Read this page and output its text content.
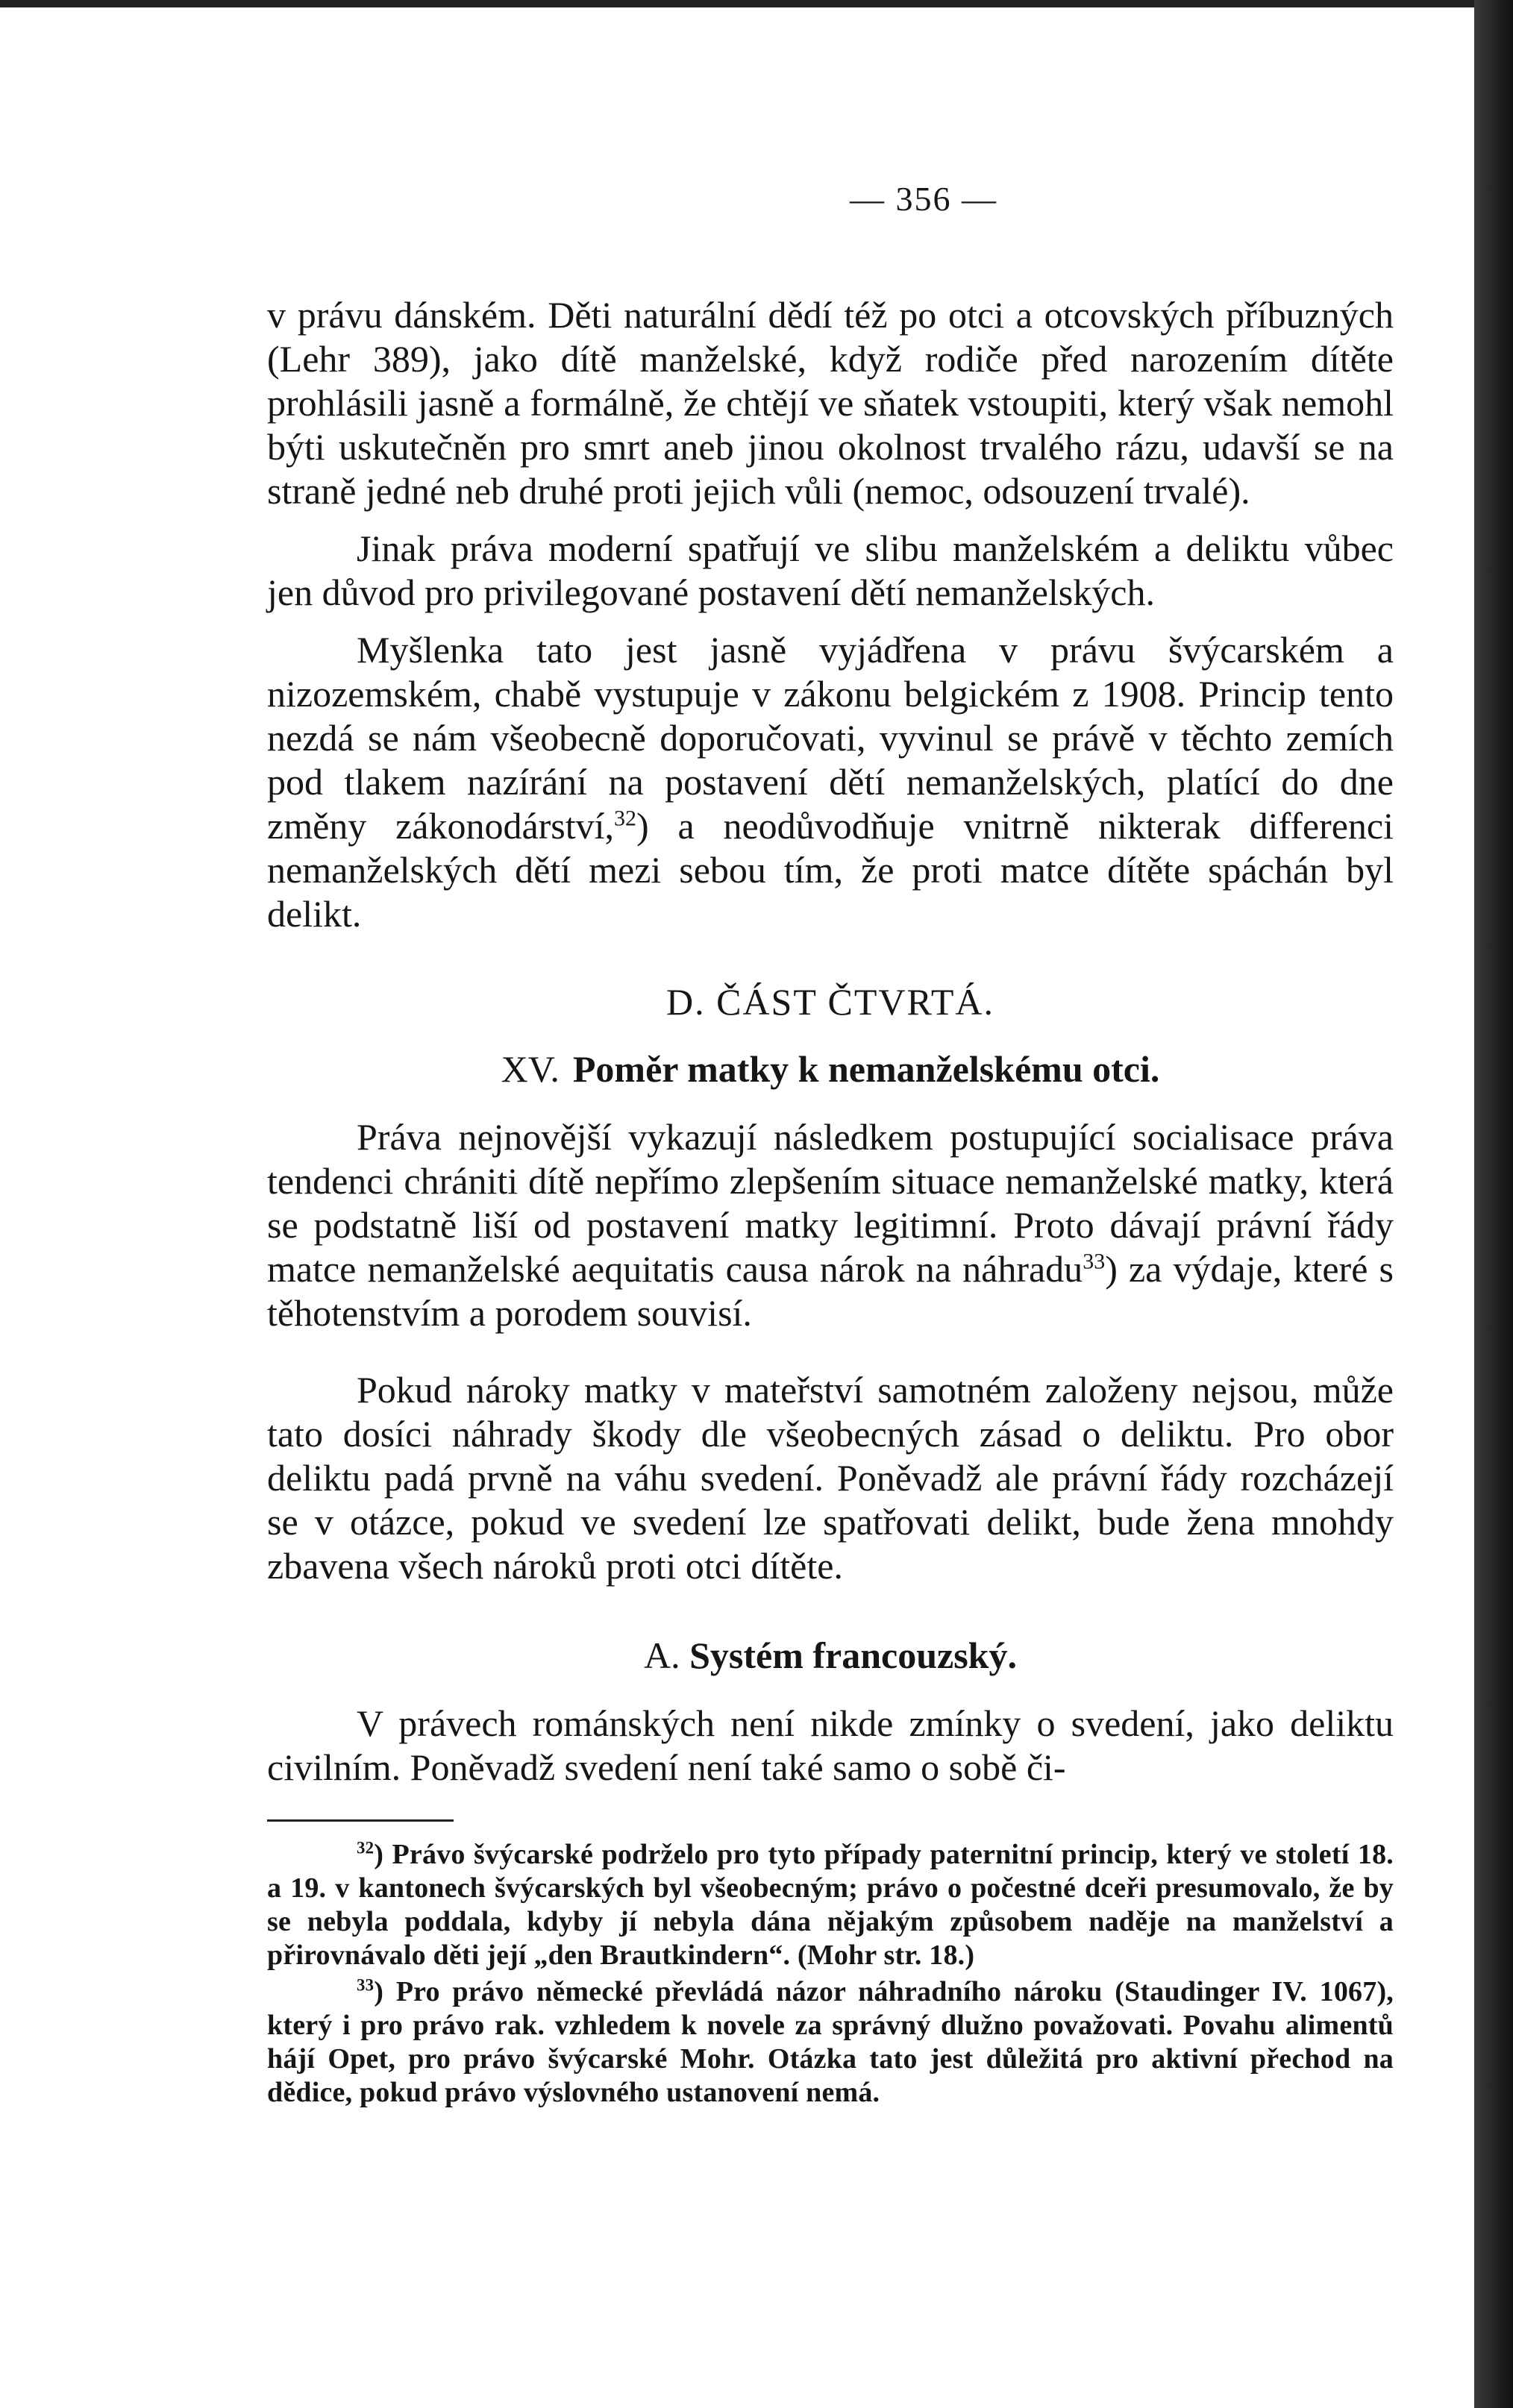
— 356 —

v právu dánském. Děti naturální dědí též po otci a otcovských příbuzných (Lehr 389), jako dítě manželské, když rodiče před narozením dítěte prohlásili jasně a formálně, že chtějí ve sňatek vstoupiti, který však nemohl býti uskutečněn pro smrt aneb jinou okolnost trvalého rázu, udavší se na straně jedné neb druhé proti jejich vůli (nemoc, odsouzení trvalé).

Jinak práva moderní spatřují ve slibu manželském a deliktu vůbec jen důvod pro privilegované postavení dětí nemanželských.

Myšlenka tato jest jasně vyjádřena v právu švýcarském a nizozemském, chabě vystupuje v zákonu belgickém z 1908. Princip tento nezdá se nám všeobecně doporučovati, vyvinul se právě v těchto zemích pod tlakem nazírání na postavení dětí nemanželských, platící do dne změny zákonodárství,$^{32}$) a neodůvodňuje vnitrně nikterak differenci nemanželských dětí mezi sebou tím, že proti matce dítěte spáchán byl delikt.

D. ČÁST ČTVRTÁ.
XV. Poměr matky k nemanželskému otci.

Práva nejnovější vykazují následkem postupující socialisace práva tendenci chrániti dítě nepřímo zlepšením situace nemanželské matky, která se podstatně liší od postavení matky legitimní. Proto dávají právní řády matce nemanželské aequitatis causa nárok na náhradu$^{33}$) za výdaje, které s těhotenstvím a porodem souvisí.

Pokud nároky matky v mateřství samotném založeny nejsou, může tato dosíci náhrady škody dle všeobecných zásad o deliktu. Pro obor deliktu padá prvně na váhu svedení. Poněvadž ale právní řády rozcházejí se v otázce, pokud ve svedení lze spatřovati delikt, bude žena mnohdy zbavena všech nároků proti otci dítěte.

A. Systém francouzský.

V právech románských není nikde zmínky o svedení, jako deliktu civilním. Poněvadž svedení není také samo o sobě či-

$^{32}$) Právo švýcarské podrželo pro tyto případy paternitní princip, který ve století 18. a 19. v kantonech švýcarských byl všeobecným; právo o počestné dceři presumovalo, že by se nebyla poddala, kdyby jí nebyla dána nějakým způsobem naděje na manželství a přirovnávalo děti její „den Brautkindern“. (Mohr str. 18.)

$^{33}$) Pro právo německé převládá názor náhradního nároku (Staudinger IV. 1067), který i pro právo rak. vzhledem k novele za správný dlužno považovati. Povahu alimentů hájí Opet, pro právo švýcarské Mohr. Otázka tato jest důležitá pro aktivní přechod na dědice, pokud právo výslovného ustanovení nemá.
